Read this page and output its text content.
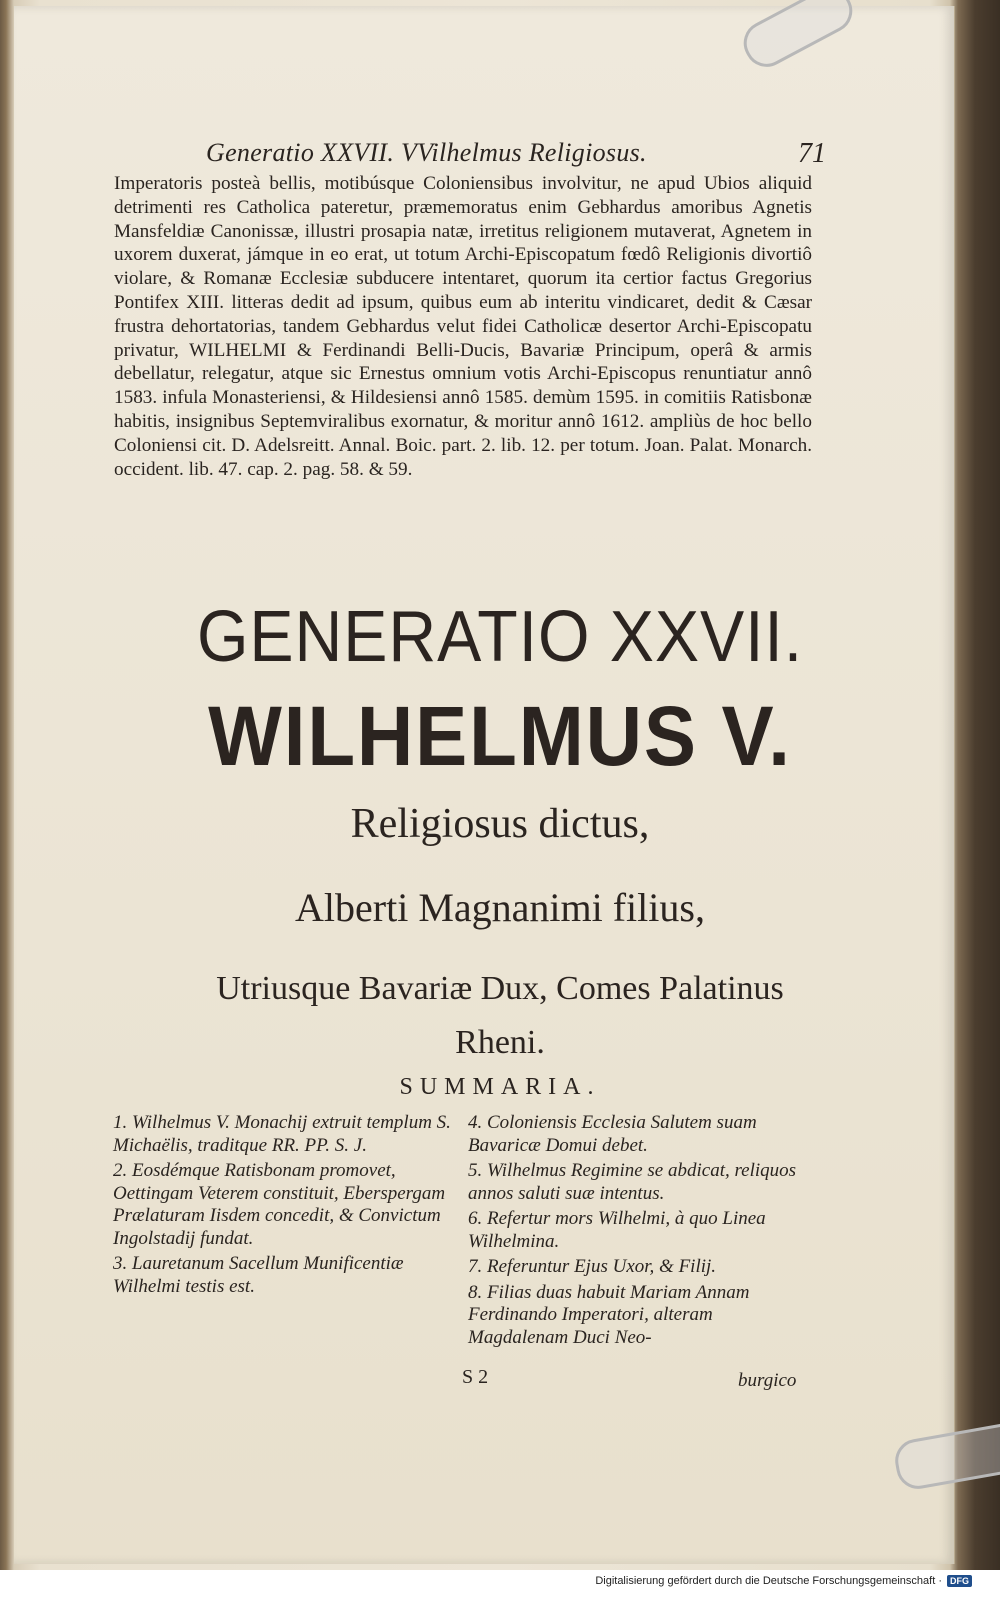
Generatio XXVII. VVilhelmus Religiosus.	71

Imperatoris posteà bellis, motibúsque Coloniensibus involvitur, ne apud Ubios aliquid detrimenti res Catholica pateretur, præmemoratus enim Gebhardus amoribus Agnetis Mansfeldiæ Canonissæ, illustri prosapia natæ, irretitus religionem mutaverat, Agnetem in uxorem duxerat, jámque in eo erat, ut totum Archi-Episcopatum fœdô Religionis divortiô violare, & Romanæ Ecclesiæ subducere intentaret, quorum ita certior factus Gregorius Pontifex XIII. litteras dedit ad ipsum, quibus eum ab interitu vindicaret, dedit & Cæsar frustra dehortatorias, tandem Gebhardus velut fidei Catholicæ desertor Archi-Episcopatu privatur, WILHELMI & Ferdinandi Belli-Ducis, Bavariæ Principum, operâ & armis debellatur, relegatur, atque sic Ernestus omnium votis Archi-Episcopus renuntiatur annô 1583. infula Monasteriensi, & Hildesiensi annô 1585. demùm 1595. in comitiis Ratisbonæ habitis, insignibus Septemviralibus exornatur, & moritur annô 1612. ampliùs de hoc bello Coloniensi cit. D. Adelsreitt. Annal. Boic. part. 2. lib. 12. per totum. Joan. Palat. Monarch. occident. lib. 47. cap. 2. pag. 58. & 59.

GENERATIO XXVII.
WILHELMUS V.
Religiosus dictus,
Alberti Magnanimi filius,
Utriusque Bavariæ Dux, Comes Palatinus
Rheni.
SUMMARIA.
1. Wilhelmus V. Monachij extruit templum S. Michaëlis, traditque RR. PP. S. J.
2. Eosdémque Ratisbonam promovet, Oettingam Veterem constituit, Eberspergam Prælaturam Iisdem concedit, & Convictum Ingolstadij fundat.
3. Lauretanum Sacellum Munificentiæ Wilhelmi testis est.
4. Coloniensis Ecclesia Salutem suam Bavaricæ Domui debet.
5. Wilhelmus Regimine se abdicat, reliquos annos saluti suæ intentus.
6. Refertur mors Wilhelmi, à quo Linea Wilhelmina.
7. Referuntur Ejus Uxor, & Filij.
8. Filias duas habuit Mariam Annam Ferdinando Imperatori, alteram Magdalenam Duci Neo-
S 2	burgico
Digitalisierung gefördert durch die Deutsche Forschungsgemeinschaft · DFG
